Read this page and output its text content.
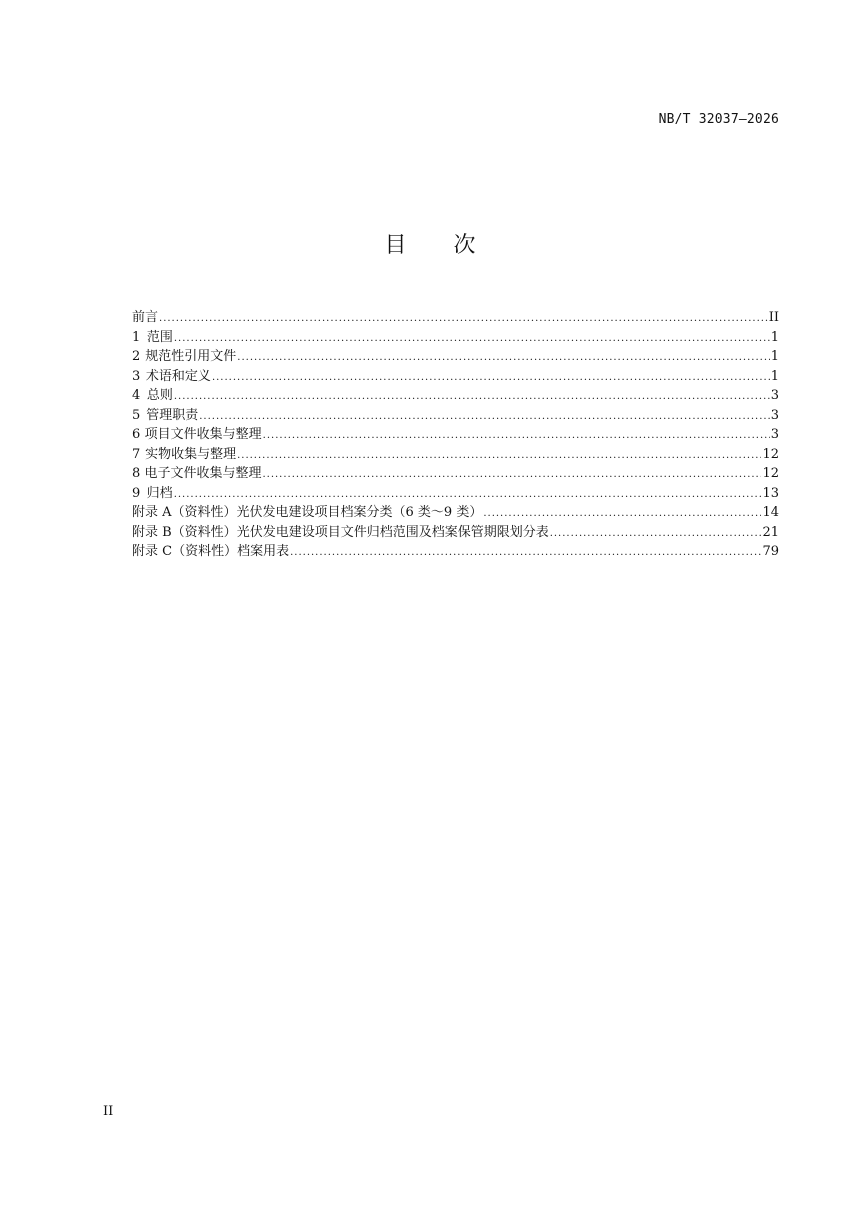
NB/T 32037—2026
目 次
前言 .....	II
1 范围 .....	1
2 规范性引用文件 .....	1
3 术语和定义 .....	1
4 总则 .....	3
5 管理职责 .....	3
6 项目文件收集与整理 .....	3
7 实物收集与整理 .....	12
8 电子文件收集与整理 .....	12
9 归档 .....	13
附录 A（资料性） 光伏发电建设项目档案分类（6 类～9 类） .....	14
附录 B（资料性） 光伏发电建设项目文件归档范围及档案保管期限划分表 .....	21
附录 C（资料性） 档案用表 .....	79
II
